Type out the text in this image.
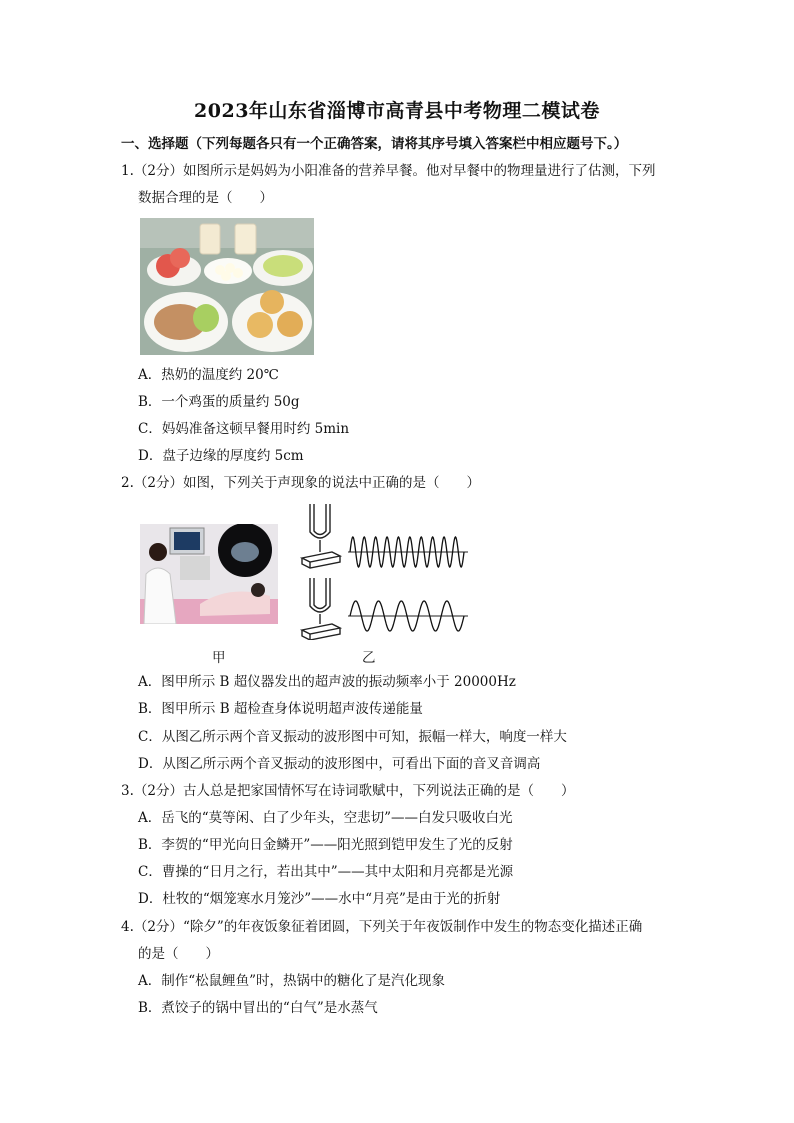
2023年山东省淄博市高青县中考物理二模试卷
一、选择题（下列每题各只有一个正确答案，请将其序号填入答案栏中相应题号下。）
1.（2分）如图所示是妈妈为小阳准备的营养早餐。他对早餐中的物理量进行了估测，下列
数据合理的是（　　）
A．热奶的温度约 20℃
B．一个鸡蛋的质量约 50g
C．妈妈准备这顿早餐用时约 5min
D．盘子边缘的厚度约 5cm
2.（2分）如图，下列关于声现象的说法中正确的是（　　）
甲	乙
A．图甲所示 B 超仪器发出的超声波的振动频率小于 20000Hz
B．图甲所示 B 超检查身体说明超声波传递能量
C．从图乙所示两个音叉振动的波形图中可知，振幅一样大，响度一样大
D．从图乙所示两个音叉振动的波形图中，可看出下面的音叉音调高
3.（2分）古人总是把家国情怀写在诗词歌赋中，下列说法正确的是（　　）
A．岳飞的“莫等闲、白了少年头，空悲切”——白发只吸收白光
B．李贺的“甲光向日金鳞开”——阳光照到铠甲发生了光的反射
C．曹操的“日月之行，若出其中”——其中太阳和月亮都是光源
D．杜牧的“烟笼寒水月笼沙”——水中“月亮”是由于光的折射
4.（2分）“除夕”的年夜饭象征着团圆，下列关于年夜饭制作中发生的物态变化描述正确
的是（　　）
A．制作“松鼠鲤鱼”时，热锅中的糖化了是汽化现象
B．煮饺子的锅中冒出的“白气”是水蒸气
